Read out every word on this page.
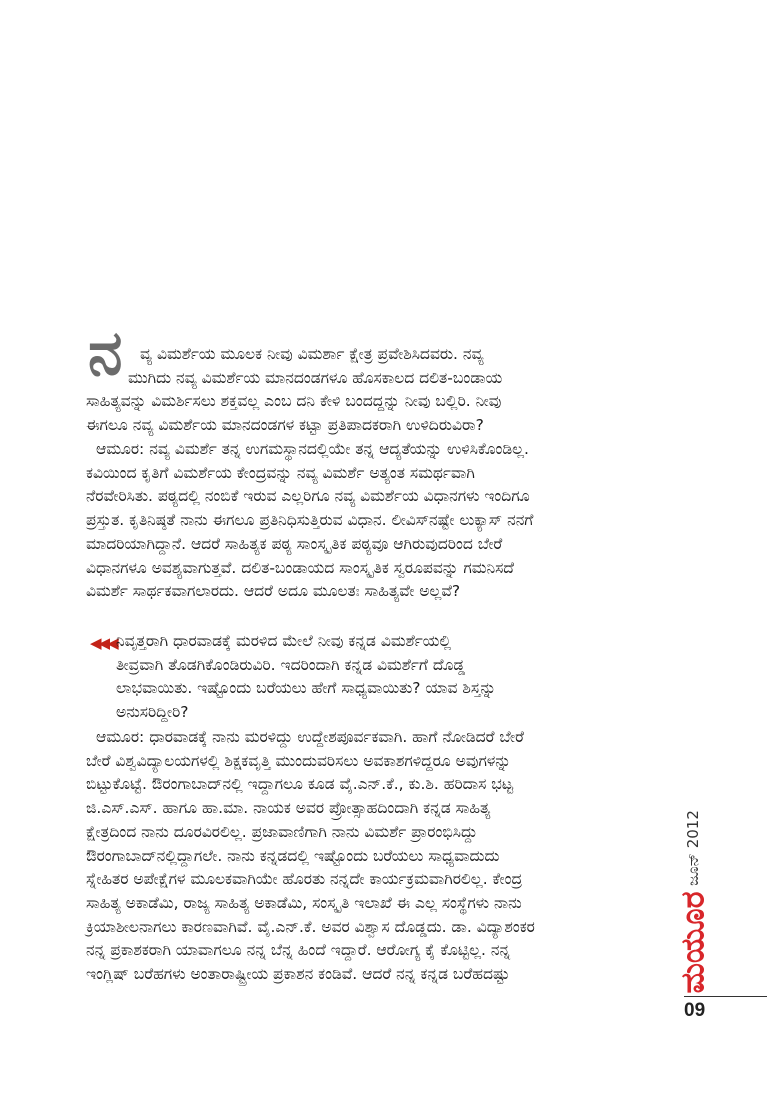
ನ	ವ್ಯ ವಿಮರ್ಶೆಯ ಮೂಲಕ ನೀವು ವಿಮರ್ಶಾ ಕ್ಷೇತ್ರ ಪ್ರವೇಶಿಸಿದವರು. ನವ್ಯ

ಮುಗಿದು ನವ್ಯ ವಿಮರ್ಶೆಯ ಮಾನದಂಡಗಳೂ ಹೊಸಕಾಲದ ದಲಿತ-ಬಂಡಾಯ

ಸಾಹಿತ್ಯವನ್ನು ವಿಮರ್ಶಿಸಲು ಶಕ್ತವಲ್ಲ ಎಂಬ ದನಿ ಕೇಳಿ ಬಂದದ್ದನ್ನು ನೀವು ಬಲ್ಲಿರಿ. ನೀವು

ಈಗಲೂ ನವ್ಯ ವಿಮರ್ಶೆಯ ಮಾನದಂಡಗಳ ಕಟ್ಟಾ ಪ್ರತಿಪಾದಕರಾಗಿ ಉಳಿದಿರುವಿರಾ?

ಆಮೂರ: ನವ್ಯ ವಿಮರ್ಶೆ ತನ್ನ ಉಗಮಸ್ಥಾನದಲ್ಲಿಯೇ ತನ್ನ ಆದ್ಯತೆಯನ್ನು ಉಳಿಸಿಕೊಂಡಿಲ್ಲ.

ಕವಿಯಿಂದ ಕೃತಿಗೆ ವಿಮರ್ಶೆಯ ಕೇಂದ್ರವನ್ನು ನವ್ಯ ವಿಮರ್ಶೆ ಅತ್ಯಂತ ಸಮರ್ಥವಾಗಿ

ನೆರವೇರಿಸಿತು. ಪಠ್ಯದಲ್ಲಿ ನಂಬಿಕೆ ಇರುವ ಎಲ್ಲರಿಗೂ ನವ್ಯ ವಿಮರ್ಶೆಯ ವಿಧಾನಗಳು ಇಂದಿಗೂ

ಪ್ರಸ್ತುತ. ಕೃತಿನಿಷ್ಠತೆ ನಾನು ಈಗಲೂ ಪ್ರತಿನಿಧಿಸುತ್ತಿರುವ ವಿಧಾನ. ಲೀವಿಸ್‌ನಷ್ಟೇ ಲುಕ್ಯಾಸ್ ನನಗೆ

ಮಾದರಿಯಾಗಿದ್ದಾನೆ. ಆದರೆ ಸಾಹಿತ್ಯಕ ಪಠ್ಯ ಸಾಂಸ್ಕೃತಿಕ ಪಠ್ಯವೂ ಆಗಿರುವುದರಿಂದ ಬೇರೆ

ವಿಧಾನಗಳೂ ಅವಶ್ಯವಾಗುತ್ತವೆ. ದಲಿತ-ಬಂಡಾಯದ ಸಾಂಸ್ಕೃತಿಕ ಸ್ವರೂಪವನ್ನು ಗಮನಿಸದೆ

ವಿಮರ್ಶೆ ಸಾರ್ಥಕವಾಗಲಾರದು. ಆದರೆ ಅದೂ ಮೂಲತಃ ಸಾಹಿತ್ಯವೇ ಅಲ್ಲವೆ?

◀◀◀ ನಿವೃತ್ತರಾಗಿ ಧಾರವಾಡಕ್ಕೆ ಮರಳಿದ ಮೇಲೆ ನೀವು ಕನ್ನಡ ವಿಮರ್ಶೆಯಲ್ಲಿ

ತೀವ್ರವಾಗಿ ತೊಡಗಿಕೊಂಡಿರುವಿರಿ. ಇದರಿಂದಾಗಿ ಕನ್ನಡ ವಿಮರ್ಶೆಗೆ ದೊಡ್ಡ

ಲಾಭವಾಯಿತು. ಇಷ್ಟೊಂದು ಬರೆಯಲು ಹೇಗೆ ಸಾಧ್ಯವಾಯಿತು? ಯಾವ ಶಿಸ್ತನ್ನು

ಅನುಸರಿದ್ದೀರಿ?

ಆಮೂರ: ಧಾರವಾಡಕ್ಕೆ ನಾನು ಮರಳಿದ್ದು ಉದ್ದೇಶಪೂರ್ವಕವಾಗಿ. ಹಾಗೆ ನೋಡಿದರೆ ಬೇರೆ

ಬೇರೆ ವಿಶ್ವವಿದ್ಯಾಲಯಗಳಲ್ಲಿ ಶಿಕ್ಷಕವೃತ್ತಿ ಮುಂದುವರಿಸಲು ಅವಕಾಶಗಳಿದ್ದರೂ ಅವುಗಳನ್ನು

ಬಿಟ್ಟುಕೊಟ್ಟೆ. ಔರಂಗಾಬಾದ್‌ನಲ್ಲಿ ಇದ್ದಾಗಲೂ ಕೂಡ ವೈ.ಎನ್.ಕೆ., ಕು.ಶಿ. ಹರಿದಾಸ ಭಟ್ಟ

ಜಿ.ಎಸ್.ಎಸ್. ಹಾಗೂ ಹಾ.ಮಾ. ನಾಯಕ ಅವರ ಪ್ರೋತ್ಸಾಹದಿಂದಾಗಿ ಕನ್ನಡ ಸಾಹಿತ್ಯ

ಕ್ಷೇತ್ರದಿಂದ ನಾನು ದೂರವಿರಲಿಲ್ಲ. ಪ್ರಜಾವಾಣಿಗಾಗಿ ನಾನು ವಿಮರ್ಶೆ ಪ್ರಾರಂಭಿಸಿದ್ದು

ಔರಂಗಾಬಾದ್‌ನಲ್ಲಿದ್ದಾಗಲೇ. ನಾನು ಕನ್ನಡದಲ್ಲಿ ಇಷ್ಟೊಂದು ಬರೆಯಲು ಸಾಧ್ಯವಾದುದು

ಸ್ನೇಹಿತರ ಅಪೇಕ್ಷೆಗಳ ಮೂಲಕವಾಗಿಯೇ ಹೊರತು ನನ್ನದೇ ಕಾರ್ಯಕ್ರಮವಾಗಿರಲಿಲ್ಲ. ಕೇಂದ್ರ

ಸಾಹಿತ್ಯ ಅಕಾಡೆಮಿ, ರಾಜ್ಯ ಸಾಹಿತ್ಯ ಅಕಾಡೆಮಿ, ಸಂಸ್ಕೃತಿ ಇಲಾಖೆ ಈ ಎಲ್ಲ ಸಂಸ್ಥೆಗಳು ನಾನು

ಕ್ರಿಯಾಶೀಲನಾಗಲು ಕಾರಣವಾಗಿವೆ. ವೈ.ಎನ್.ಕೆ. ಅವರ ವಿಶ್ವಾಸ ದೊಡ್ಡದು. ಡಾ. ವಿದ್ಯಾಶಂಕರ

ನನ್ನ ಪ್ರಕಾಶಕರಾಗಿ ಯಾವಾಗಲೂ ನನ್ನ ಬೆನ್ನ ಹಿಂದೆ ಇದ್ದಾರೆ. ಆರೋಗ್ಯ ಕೈ ಕೊಟ್ಟಿಲ್ಲ. ನನ್ನ

ಇಂಗ್ಲಿಷ್ ಬರೆಹಗಳು ಅಂತಾರಾಷ್ಟ್ರೀಯ ಪ್ರಕಾಶನ ಕಂಡಿವೆ. ಆದರೆ ನನ್ನ ಕನ್ನಡ ಬರೆಹದಷ್ಟು

ಜೂನ್ 2012
ಮಯೂರ
09
